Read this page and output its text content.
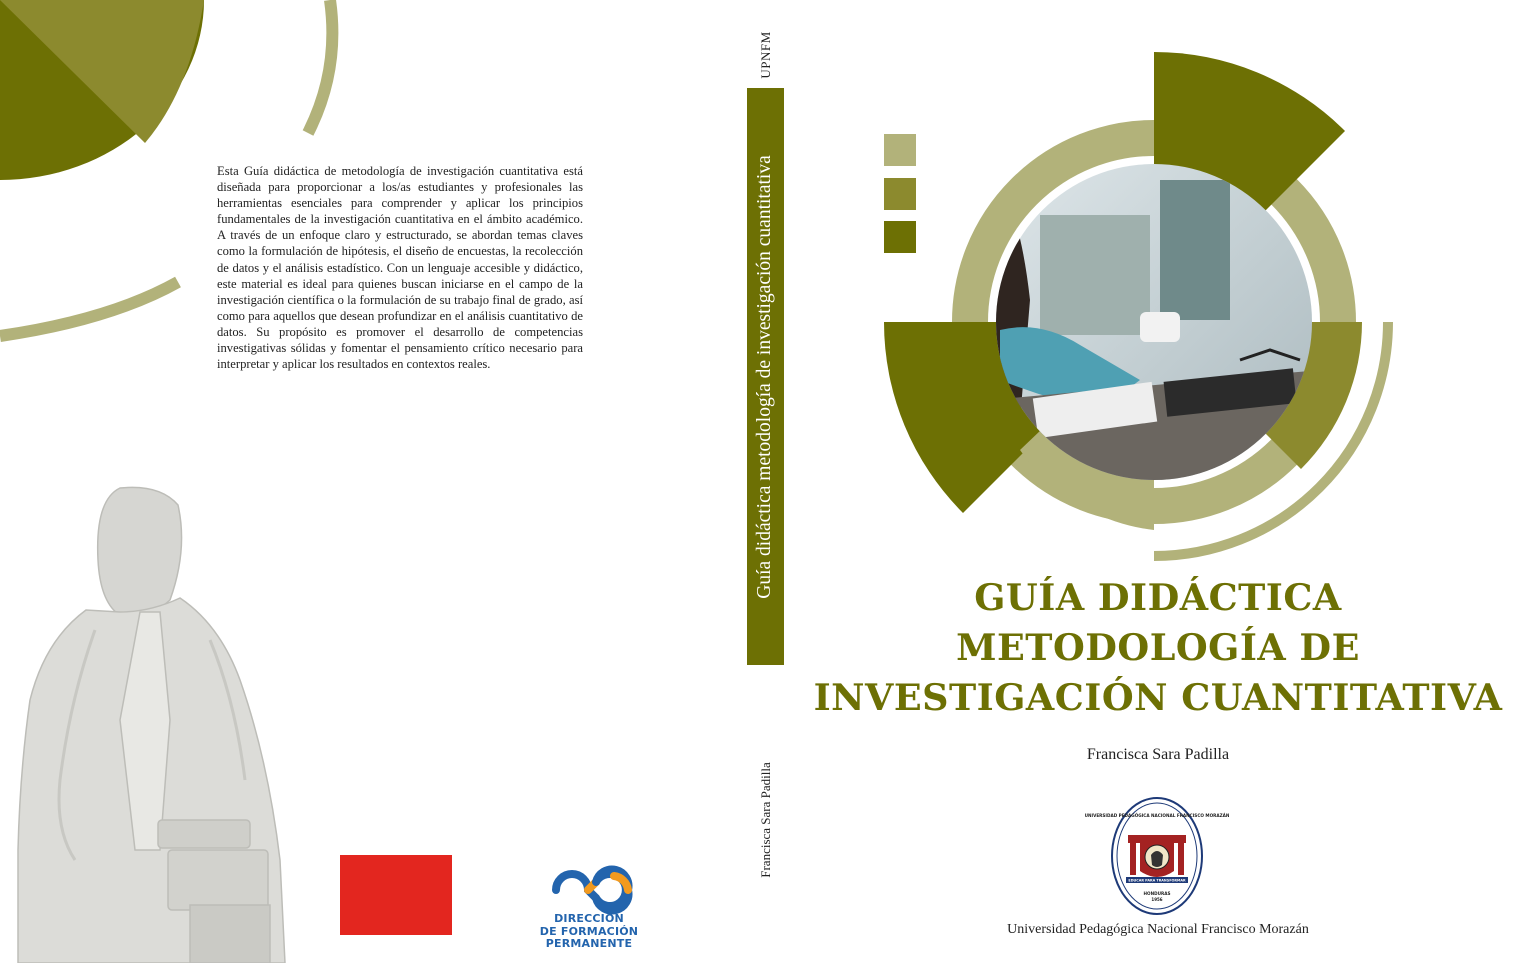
Esta Guía didáctica de metodología de investigación cuantitativa está diseñada para proporcionar a los/as estudiantes y profesionales las herramientas esenciales para comprender y aplicar los principios fundamentales de la investigación cuantitativa en el ámbito académico. A través de un enfoque claro y estructurado, se abordan temas claves como la formulación de hipótesis, el diseño de encuestas, la recolección de datos y el análisis estadístico. Con un lenguaje accesible y didáctico, este material es ideal para quienes buscan iniciarse en el campo de la investigación científica o la formulación de su trabajo final de grado, así como para aquellos que desean profundizar en el análisis cuantitativo de datos. Su propósito es promover el desarrollo de competencias investigativas sólidas y fomentar el pensamiento crítico necesario para interpretar y aplicar los resultados en contextos reales.
DIRECCIÓN
DE FORMACIÓN PERMANENTE
UPNFM
Guía didáctica metodología de investigación cuantitativa
Francisca Sara Padilla
GUÍA DIDÁCTICA
METODOLOGÍA DE
INVESTIGACIÓN CUANTITATIVA
Francisca Sara Padilla
UNIVERSIDAD PEDAGÓGICA NACIONAL FRANCISCO MORAZÁN
EDUCAR PARA TRANSFORMAR
HONDURAS
1956
Universidad Pedagógica Nacional Francisco Morazán
